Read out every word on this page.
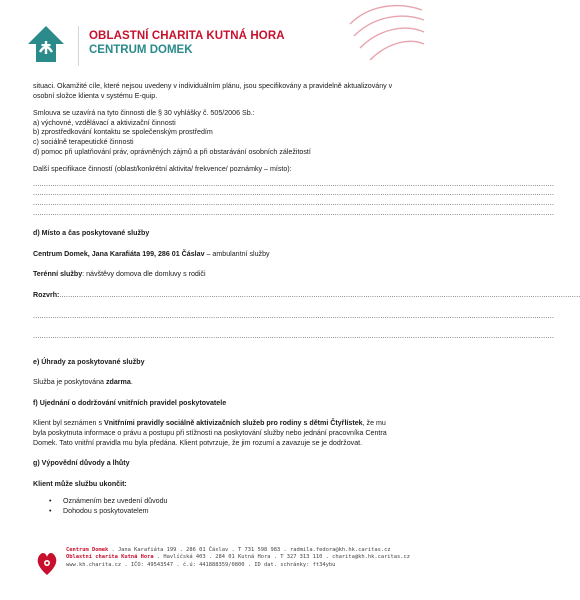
OBLASTNÍ CHARITA KUTNÁ HORA
CENTRUM DOMEK

situaci. Okamžité cíle, které nejsou uvedeny v individuálním plánu, jsou specifikovány a pravidelně aktualizovány v osobní složce klienta v systému E-quip.

Smlouva se uzavírá na tyto činnosti dle § 30 vyhlášky č. 505/2006 Sb.:

a) výchovné, vzdělávací a aktivizační činnosti

b) zprostředkování kontaktu se společenským prostředím

c) sociálně terapeutické činnosti

d) pomoc při uplatňování práv, oprávněných zájmů a při obstarávání osobních záležitostí

Další specifikace činností (oblast/konkrétní aktivita/ frekvence/ poznámky – místo):

................................................................................................................................................................................................................................................

................................................................................................................................................................................................................................................

................................................................................................................................................................................................................................................

................................................................................................................................................................................................................................................

d) Místo a čas poskytované služby

Centrum Domek, Jana Karafiáta 199, 286 01 Čáslav – ambulantní služby

Terénní služby: návštěvy domova dle domluvy s rodiči

Rozvrh: ................................................................................................................................................................................................................................................

................................................................................................................................................................................................................................................

................................................................................................................................................................................................................................................

e) Úhrady za poskytované služby

Služba je poskytována zdarma.

f) Ujednání o dodržování vnitřních pravidel poskytovatele

Klient byl seznámen s Vnitřními pravidly sociálně aktivizačních služeb pro rodiny s dětmi Čtyřlístek, že mu byla poskytnuta informace o právu a postupu při stížnosti na poskytování služby nebo jednání pracovníka Centra Domek. Tato vnitřní pravidla mu byla předána. Klient potvrzuje, že jim rozumí a zavazuje se je dodržovat.

g) Výpovědní důvody a lhůty

Klient může službu ukončit:

• Oznámením bez uvedení důvodu
• Dohodou s poskytovatelem
Centrum Domek . Jana Karafiáta 199 . 286 01 Čáslav . T 731 598 983 . radmila.fedora@kh.hk.caritas.cz
Oblastní charita Kutná Hora . Havlíčská 403 . 284 01 Kutná Hora . T 327 313 110 . charita@kh.hk.caritas.cz
www.kh.charita.cz . IČO: 49543547 . č.ú: 441888359/0800 . ID dat. schránky: ft34ybu
